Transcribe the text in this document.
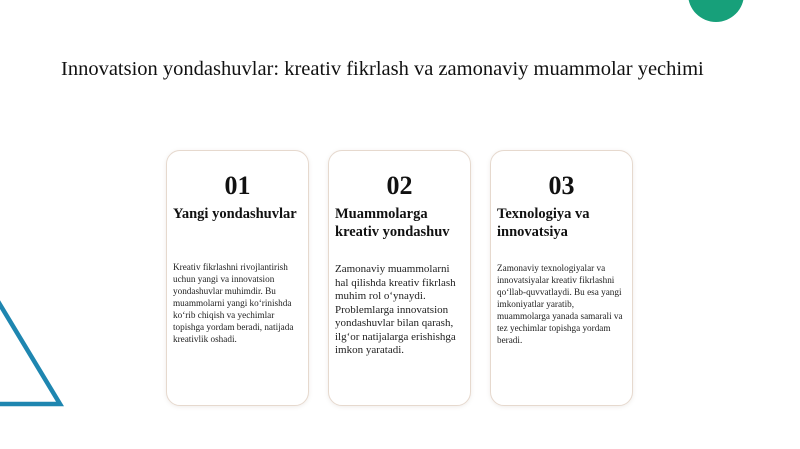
Innovatsion yondashuvlar: kreativ fikrlash va zamonaviy muammolar yechimi
01
Yangi yondashuvlar
Kreativ fikrlashni rivojlantirish uchun yangi va innovatsion yondashuvlar muhimdir. Bu muammolarni yangi ko‘rinishda ko‘rib chiqish va yechimlar topishga yordam beradi, natijada kreativlik oshadi.
02
Muammolarga kreativ yondashuv
Zamonaviy muammolarni hal qilishda kreativ fikrlash muhim rol o‘ynaydi. Problemlarga innovatsion yondashuvlar bilan qarash, ilg‘or natijalarga erishishga imkon yaratadi.
03
Texnologiya va innovatsiya
Zamonaviy texnologiyalar va innovatsiyalar kreativ fikrlashni qo‘llab-quvvatlaydi. Bu esa yangi imkoniyatlar yaratib, muammolarga yanada samarali va tez yechimlar topishga yordam beradi.
